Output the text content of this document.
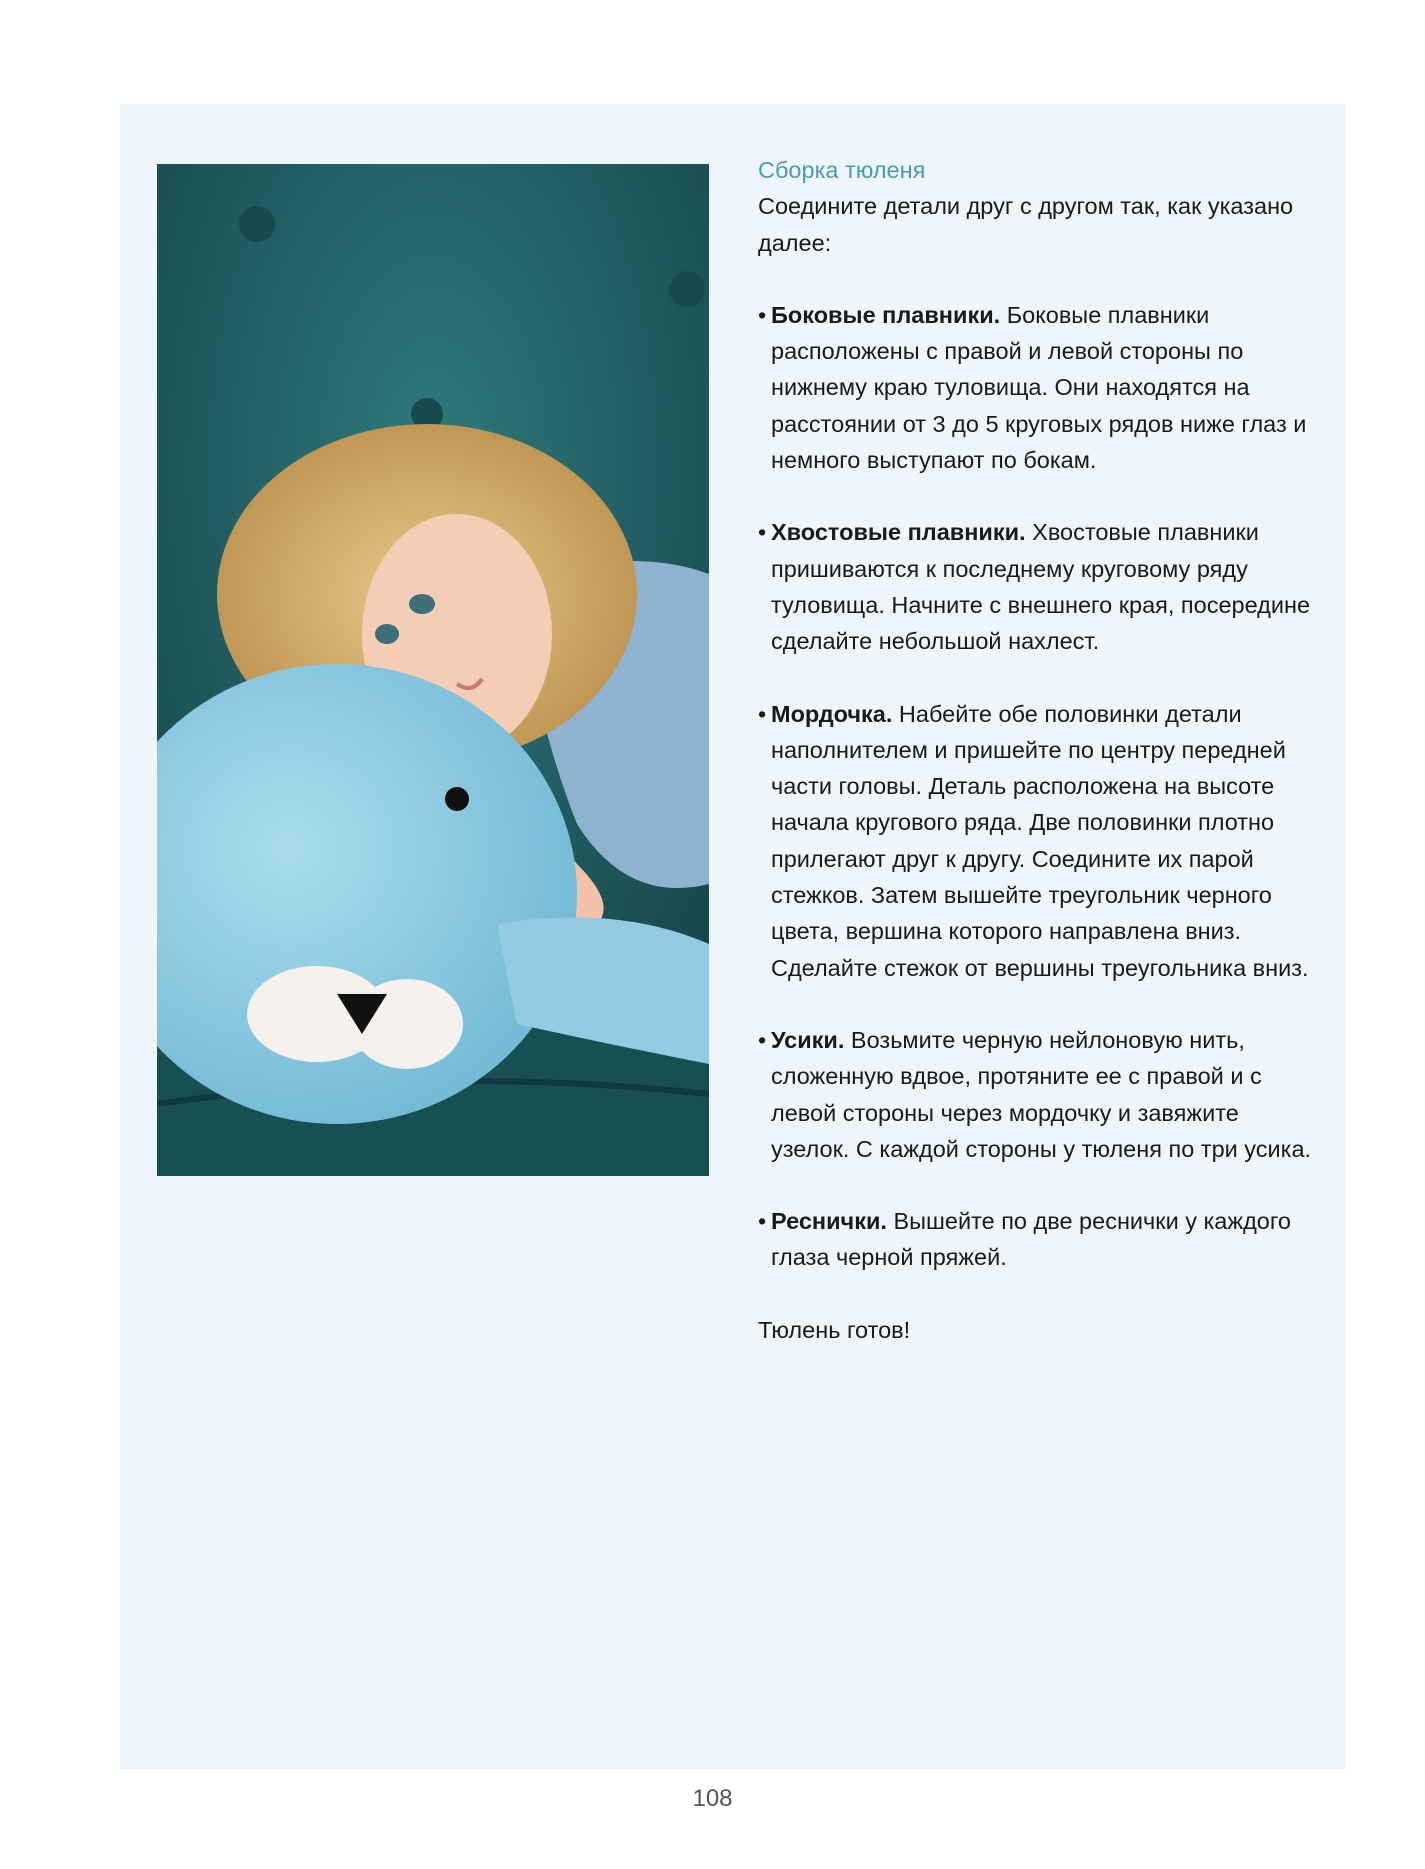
Сборка тюленя

Соедините детали друг с другом так, как указано далее:

• Боковые плавники. Боковые плавники расположены с правой и левой стороны по нижнему краю туловища. Они находятся на расстоянии от 3 до 5 круговых рядов ниже глаз и немного выступают по бокам.
• Хвостовые плавники. Хвостовые плавники пришиваются к последнему круговому ряду туловища. Начните с внешнего края, посередине сделайте небольшой нахлест.
• Мордочка. Набейте обе половинки детали наполнителем и пришейте по центру передней части головы. Деталь расположена на высоте начала кругового ряда. Две половинки плотно прилегают друг к другу. Соедините их парой стежков. Затем вышейте треугольник черного цвета, вершина которого направлена вниз. Сделайте стежок от вершины треугольника вниз.
• Усики. Возьмите черную нейлоновую нить, сложенную вдвое, протяните ее с правой и с левой стороны через мордочку и завяжите узелок. С каждой стороны у тюленя по три усика.
• Реснички. Вышейте по две реснички у каждого глаза черной пряжей.

Тюлень готов!

108
